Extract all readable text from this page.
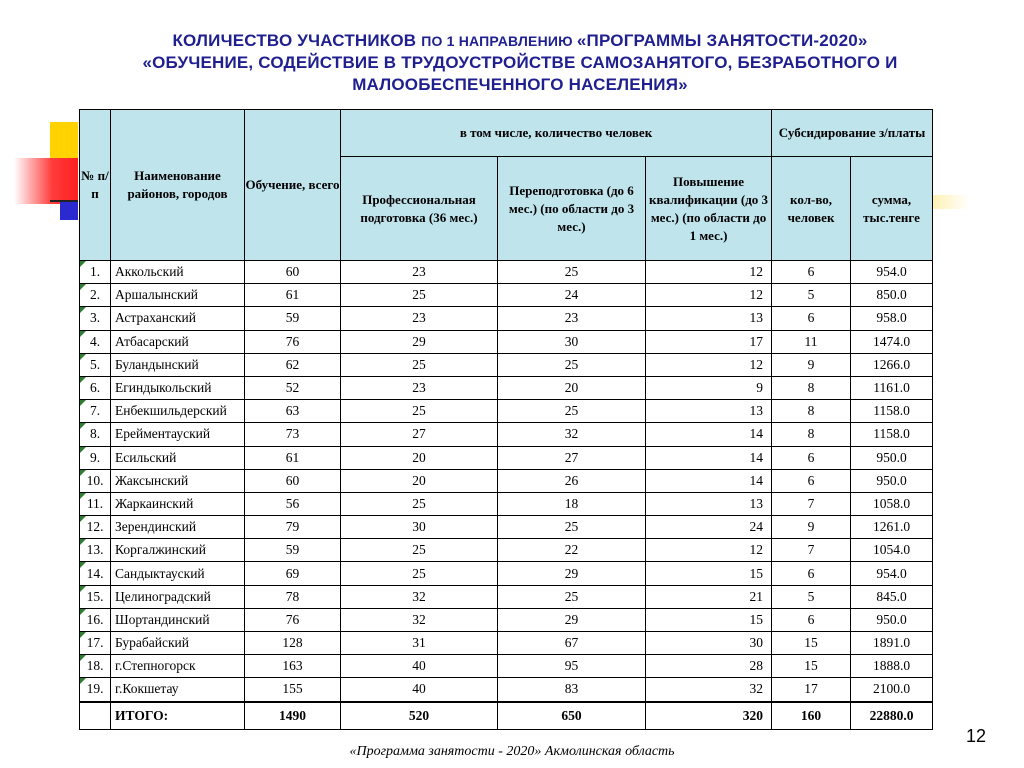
КОЛИЧЕСТВО УЧАСТНИКОВ ПО 1 НАПРАВЛЕНИЮ «ПРОГРАММЫ ЗАНЯТОСТИ-2020»
«ОБУЧЕНИЕ, СОДЕЙСТВИЕ В ТРУДОУСТРОЙСТВЕ САМОЗАНЯТОГО, БЕЗРАБОТНОГО И
МАЛООБЕСПЕЧЕННОГО НАСЕЛЕНИЯ»
№ п/п	Наименование районов, городов	Обучение, всего	в том числе, количество человек			Субсидирование з/платы	
			Профессиональная подготовка (36 мес.)	Переподготовка (до 6 мес.) (по области до 3 мес.)	Повышение квалификации (до 3 мес.) (по области до 1 мес.)	кол-во, человек	сумма, тыс.тенге
1.	Аккольский	60	23	25	12	6	954.0
2.	Аршалынский	61	25	24	12	5	850.0
3.	Астраханский	59	23	23	13	6	958.0
4.	Атбасарский	76	29	30	17	11	1474.0
5.	Буландынский	62	25	25	12	9	1266.0
6.	Егиндыкольский	52	23	20	9	8	1161.0
7.	Енбекшильдерский	63	25	25	13	8	1158.0
8.	Ерейментауский	73	27	32	14	8	1158.0
9.	Есильский	61	20	27	14	6	950.0
10.	Жаксынский	60	20	26	14	6	950.0
11.	Жаркаинский	56	25	18	13	7	1058.0
12.	Зерендинский	79	30	25	24	9	1261.0
13.	Коргалжинский	59	25	22	12	7	1054.0
14.	Сандыктауский	69	25	29	15	6	954.0
15.	Целиноградский	78	32	25	21	5	845.0
16.	Шортандинский	76	32	29	15	6	950.0
17.	Бурабайский	128	31	67	30	15	1891.0
18.	г.Степногорск	163	40	95	28	15	1888.0
19.	г.Кокшетау	155	40	83	32	17	2100.0
	ИТОГО:	1490	520	650	320	160	22880.0
12
«Программа занятости - 2020» Акмолинская область
